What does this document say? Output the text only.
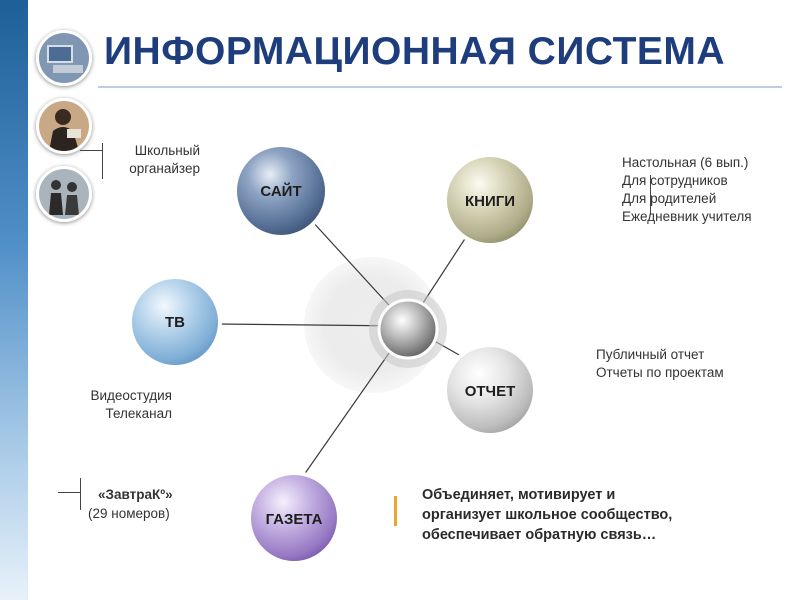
ИНФОРМАЦИОННАЯ СИСТЕМА
САЙТ
КНИГИ
ТВ
ОТЧЕТ
ГАЗЕТА
Школьный
органайзер	Настольная (6 вып.)
Для сотрудников
Для родителей
Ежедневник учителя
Публичный отчет
Отчеты по проектам
Видеостудия
Телеканал
«ЗавтраКº»
(29 номеров)
Объединяет, мотивирует и организует школьное сообщество, обеспечивает обратную связь…
